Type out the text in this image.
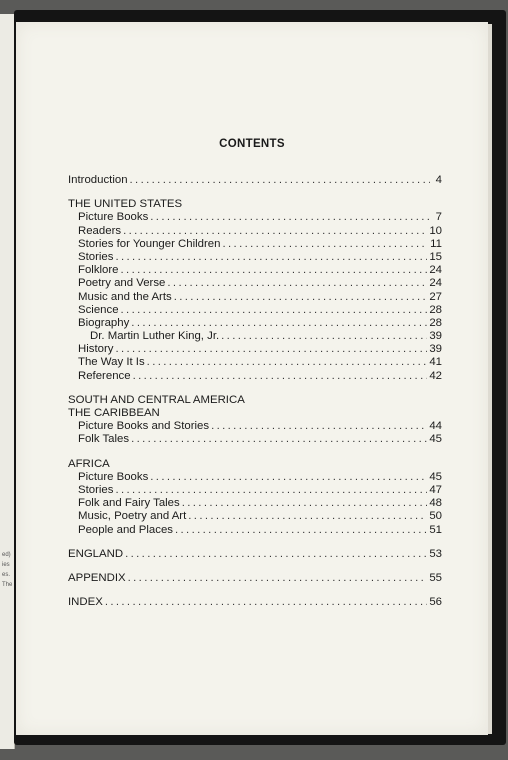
ed)
ies
es.
The
CONTENTS
Introduction . . .	4
THE UNITED STATES
Picture Books . . .	7
Readers . . .	10
Stories for Younger Children . . .	11
Stories . . .	15
Folklore . . .	24
Poetry and Verse . . .	24
Music and the Arts . . .	27
Science . . .	28
Biography . . .	28
Dr. Martin Luther King, Jr. . . .	39
History . . .	39
The Way It Is . . .	41
Reference . . .	42
SOUTH AND CENTRAL AMERICA
THE CARIBBEAN
Picture Books and Stories . . .	44
Folk Tales . . .	45
AFRICA
Picture Books . . .	45
Stories . . .	47
Folk and Fairy Tales . . .	48
Music, Poetry and Art . . .	50
People and Places . . .	51
ENGLAND . . .	53
APPENDIX . . .	55
INDEX . . .	56
